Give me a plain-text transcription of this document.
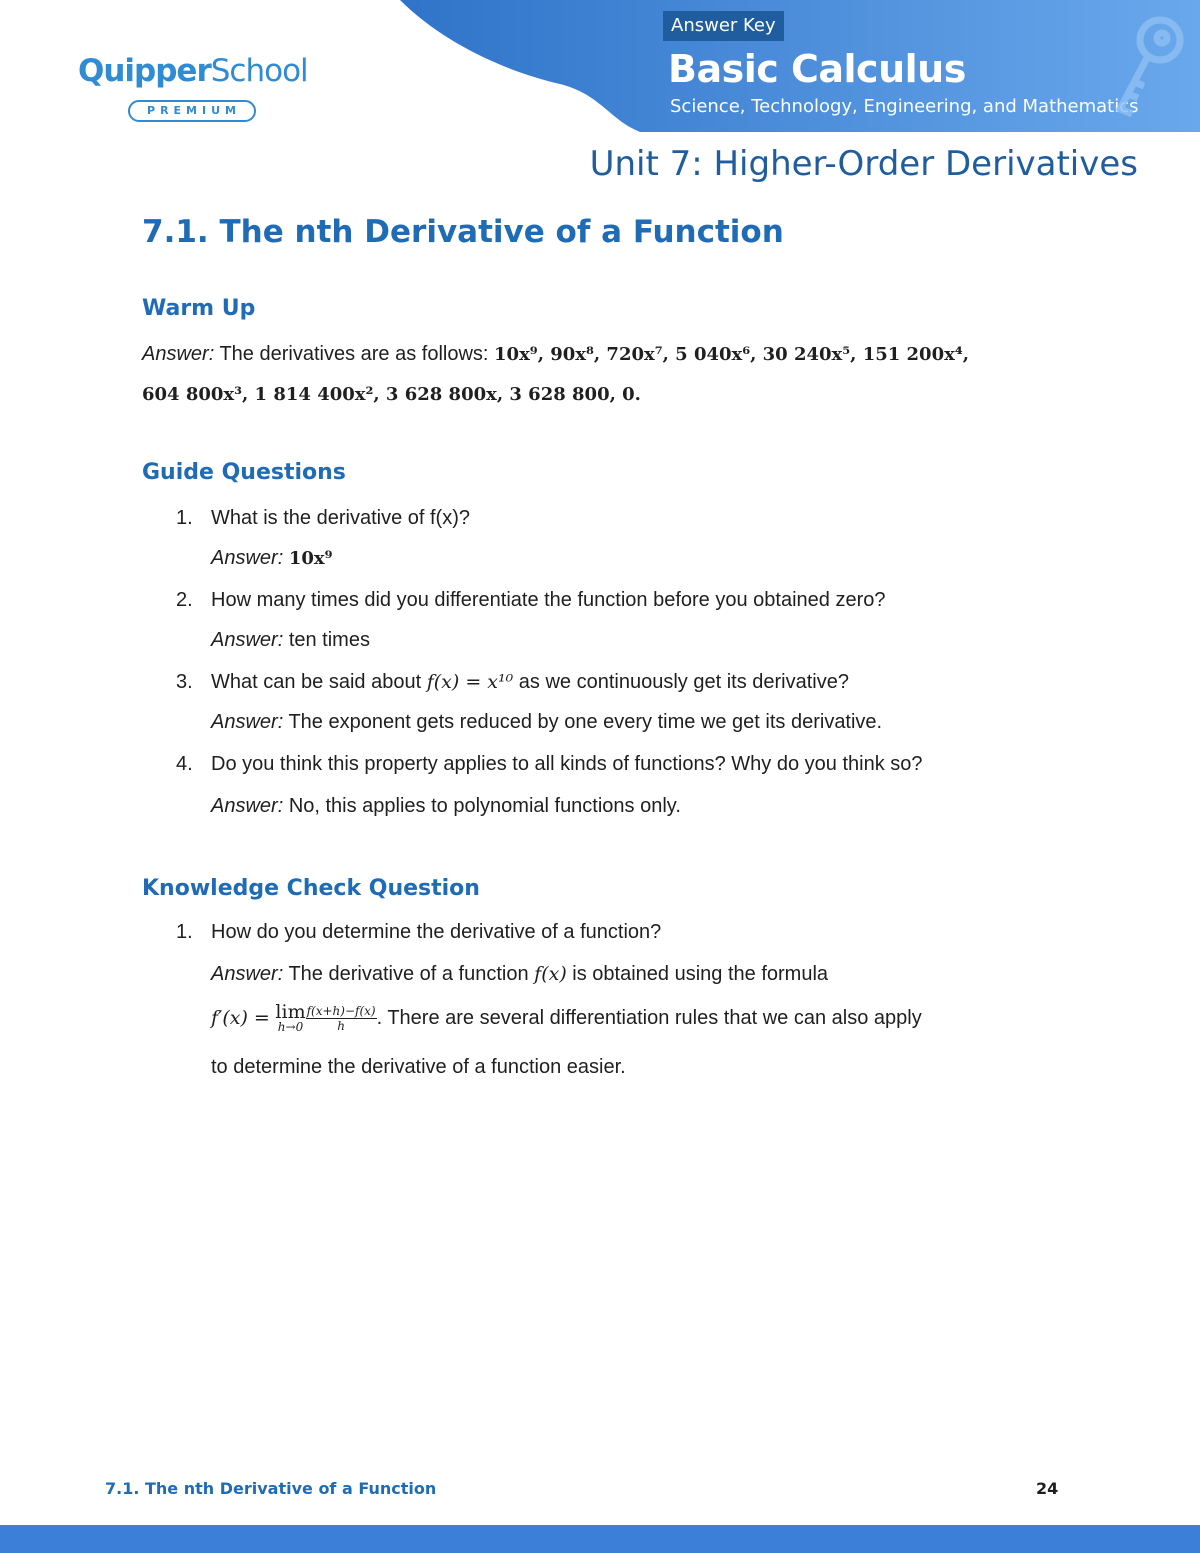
QuipperSchool
PREMIUM
Answer Key
Basic Calculus
Science, Technology, Engineering, and Mathematics
Unit 7: Higher-Order Derivatives
7.1. The nth Derivative of a Function
Warm Up
Answer: The derivatives are as follows: 10x⁹, 90x⁸, 720x⁷, 5 040x⁶, 30 240x⁵, 151 200x⁴,
604 800x³, 1 814 400x², 3 628 800x, 3 628 800, 0.
Guide Questions
1. What is the derivative of f(x)?
Answer: 10x⁹
2. How many times did you differentiate the function before you obtained zero?
Answer: ten times
3. What can be said about f(x) = x¹⁰ as we continuously get its derivative?
Answer: The exponent gets reduced by one every time we get its derivative.
4. Do you think this property applies to all kinds of functions? Why do you think so?
Answer: No, this applies to polynomial functions only.
Knowledge Check Question
1. How do you determine the derivative of a function?
Answer: The derivative of a function f(x) is obtained using the formula
f′(x) = lim
$h\to 0 \frac{f(x+h)-f(x)}{h}$ . There are several differentiation rules that we can also apply
to determine the derivative of a function easier.
7.1. The nth Derivative of a Function	24
